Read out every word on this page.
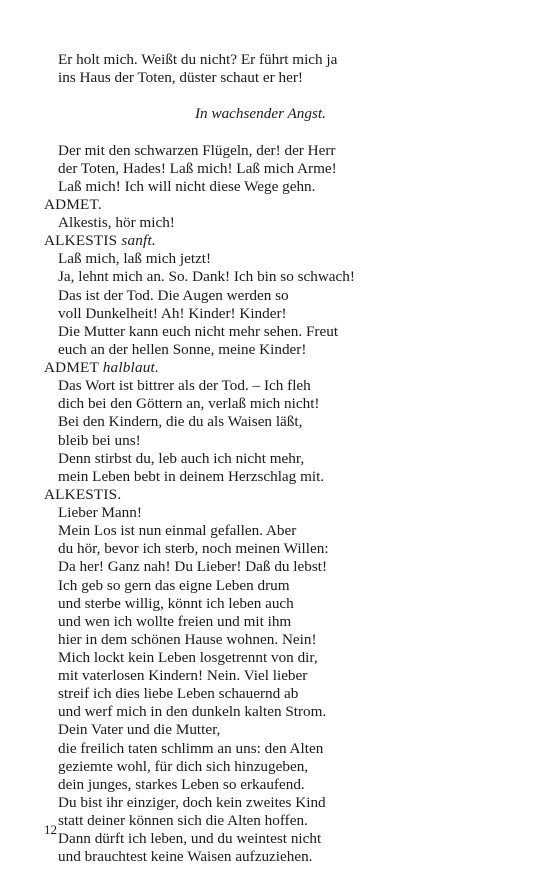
Er holt mich. Weißt du nicht? Er führt mich ja
ins Haus der Toten, düster schaut er her!
In wachsender Angst.
Der mit den schwarzen Flügeln, der! der Herr
der Toten, Hades! Laß mich! Laß mich Arme!
Laß mich! Ich will nicht diese Wege gehn.
ADMET.
Alkestis, hör mich!
ALKESTIS sanft.
Laß mich, laß mich jetzt!
Ja, lehnt mich an. So. Dank! Ich bin so schwach!
Das ist der Tod. Die Augen werden so
voll Dunkelheit! Ah! Kinder! Kinder!
Die Mutter kann euch nicht mehr sehen. Freut
euch an der hellen Sonne, meine Kinder!
ADMET halblaut.
Das Wort ist bittrer als der Tod. – Ich fleh
dich bei den Göttern an, verlaß mich nicht!
Bei den Kindern, die du als Waisen läßt,
bleib bei uns!
Denn stirbst du, leb auch ich nicht mehr,
mein Leben bebt in deinem Herzschlag mit.
ALKESTIS.
Lieber Mann!
Mein Los ist nun einmal gefallen. Aber
du hör, bevor ich sterb, noch meinen Willen:
Da her! Ganz nah! Du Lieber! Daß du lebst!
Ich geb so gern das eigne Leben drum
und sterbe willig, könnt ich leben auch
und wen ich wollte freien und mit ihm
hier in dem schönen Hause wohnen. Nein!
Mich lockt kein Leben losgetrennt von dir,
mit vaterlosen Kindern! Nein. Viel lieber
streif ich dies liebe Leben schauernd ab
und werf mich in den dunkeln kalten Strom.
Dein Vater und die Mutter,
die freilich taten schlimm an uns: den Alten
geziemte wohl, für dich sich hinzugeben,
dein junges, starkes Leben so erkaufend.
Du bist ihr einziger, doch kein zweites Kind
statt deiner können sich die Alten hoffen.
Dann dürft ich leben, und du weintest nicht
und brauchtest keine Waisen aufzuziehen.
12
